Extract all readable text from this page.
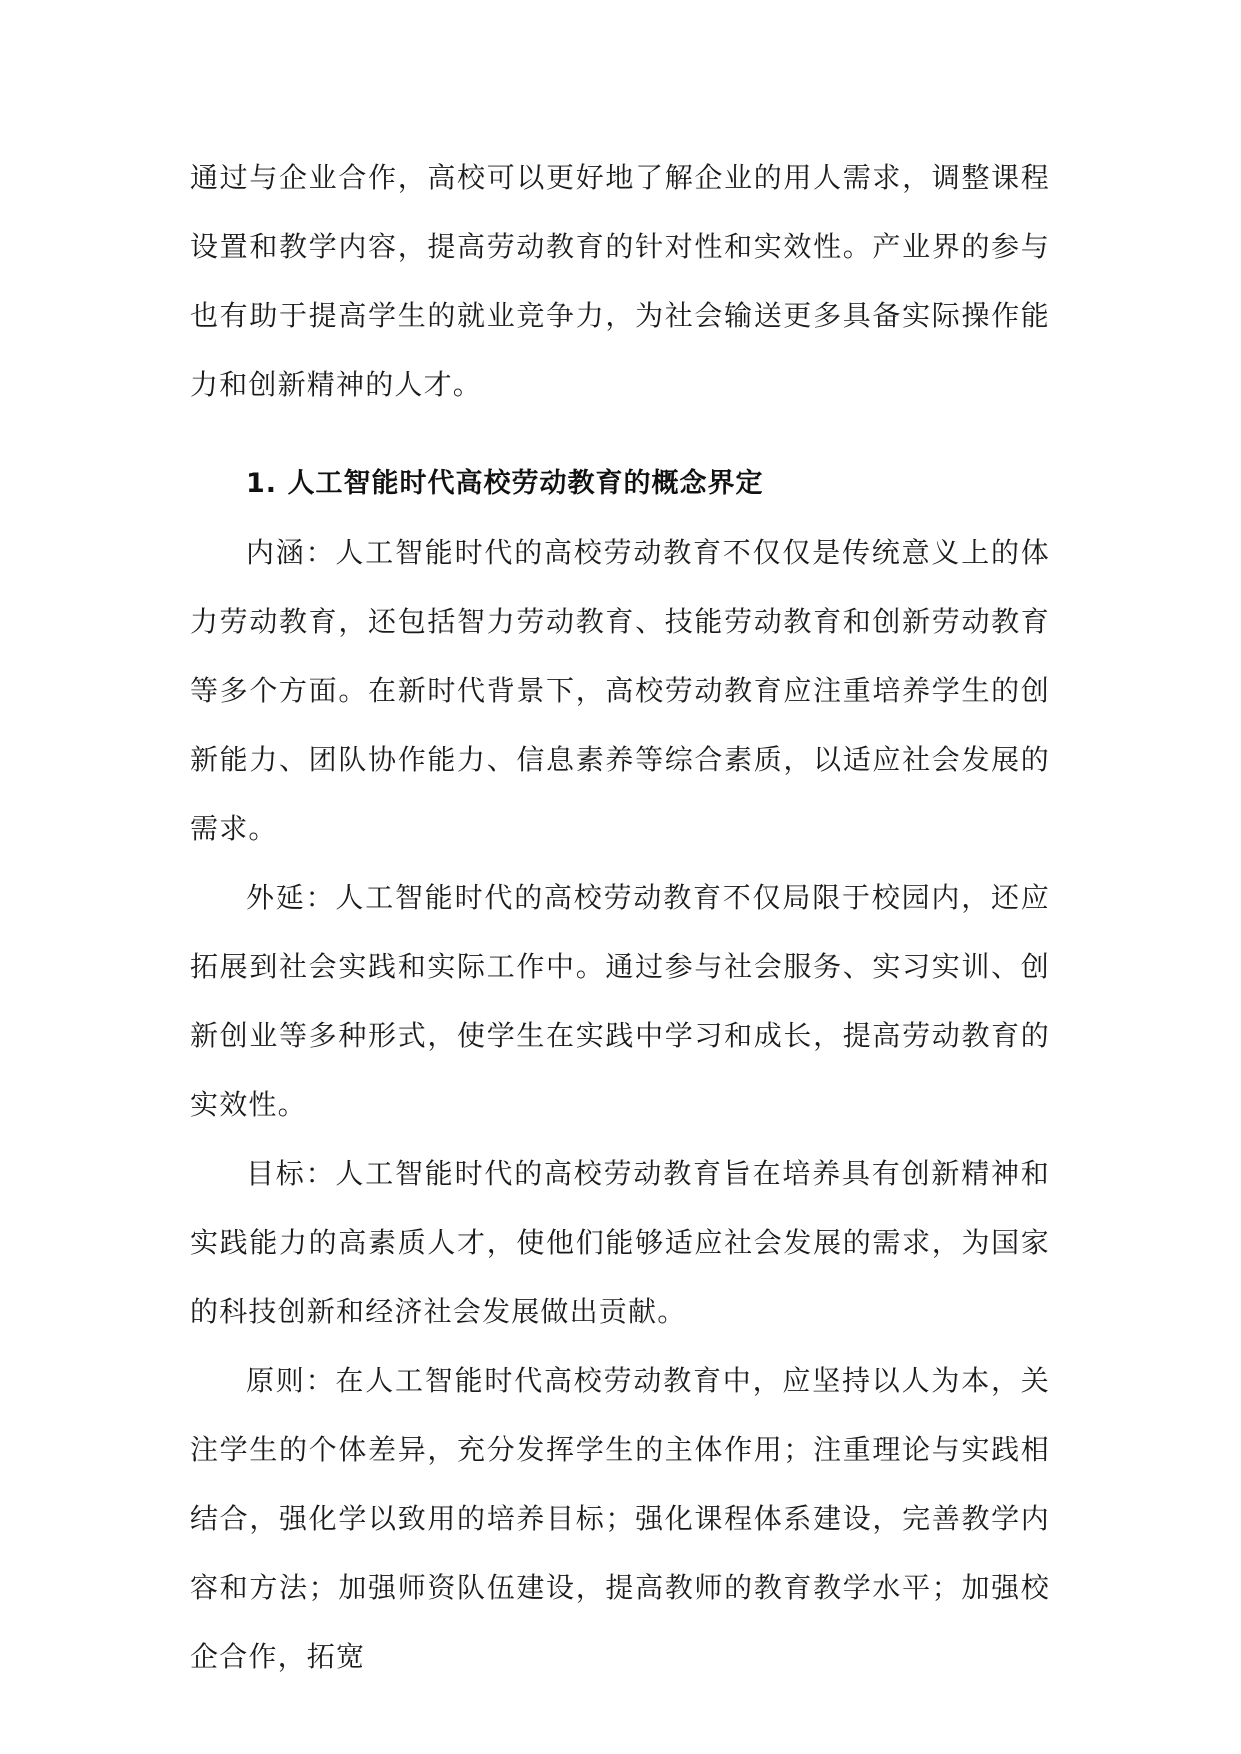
通过与企业合作，高校可以更好地了解企业的用人需求，调整课程设置和教学内容，提高劳动教育的针对性和实效性。产业界的参与也有助于提高学生的就业竞争力，为社会输送更多具备实际操作能力和创新精神的人才。

1. 人工智能时代高校劳动教育的概念界定

内涵：人工智能时代的高校劳动教育不仅仅是传统意义上的体力劳动教育，还包括智力劳动教育、技能劳动教育和创新劳动教育等多个方面。在新时代背景下，高校劳动教育应注重培养学生的创新能力、团队协作能力、信息素养等综合素质，以适应社会发展的需求。

外延：人工智能时代的高校劳动教育不仅局限于校园内，还应拓展到社会实践和实际工作中。通过参与社会服务、实习实训、创新创业等多种形式，使学生在实践中学习和成长，提高劳动教育的实效性。

目标：人工智能时代的高校劳动教育旨在培养具有创新精神和实践能力的高素质人才，使他们能够适应社会发展的需求，为国家的科技创新和经济社会发展做出贡献。

原则：在人工智能时代高校劳动教育中，应坚持以人为本，关注学生的个体差异，充分发挥学生的主体作用；注重理论与实践相结合，强化学以致用的培养目标；强化课程体系建设，完善教学内容和方法；加强师资队伍建设，提高教师的教育教学水平；加强校企合作，拓宽
